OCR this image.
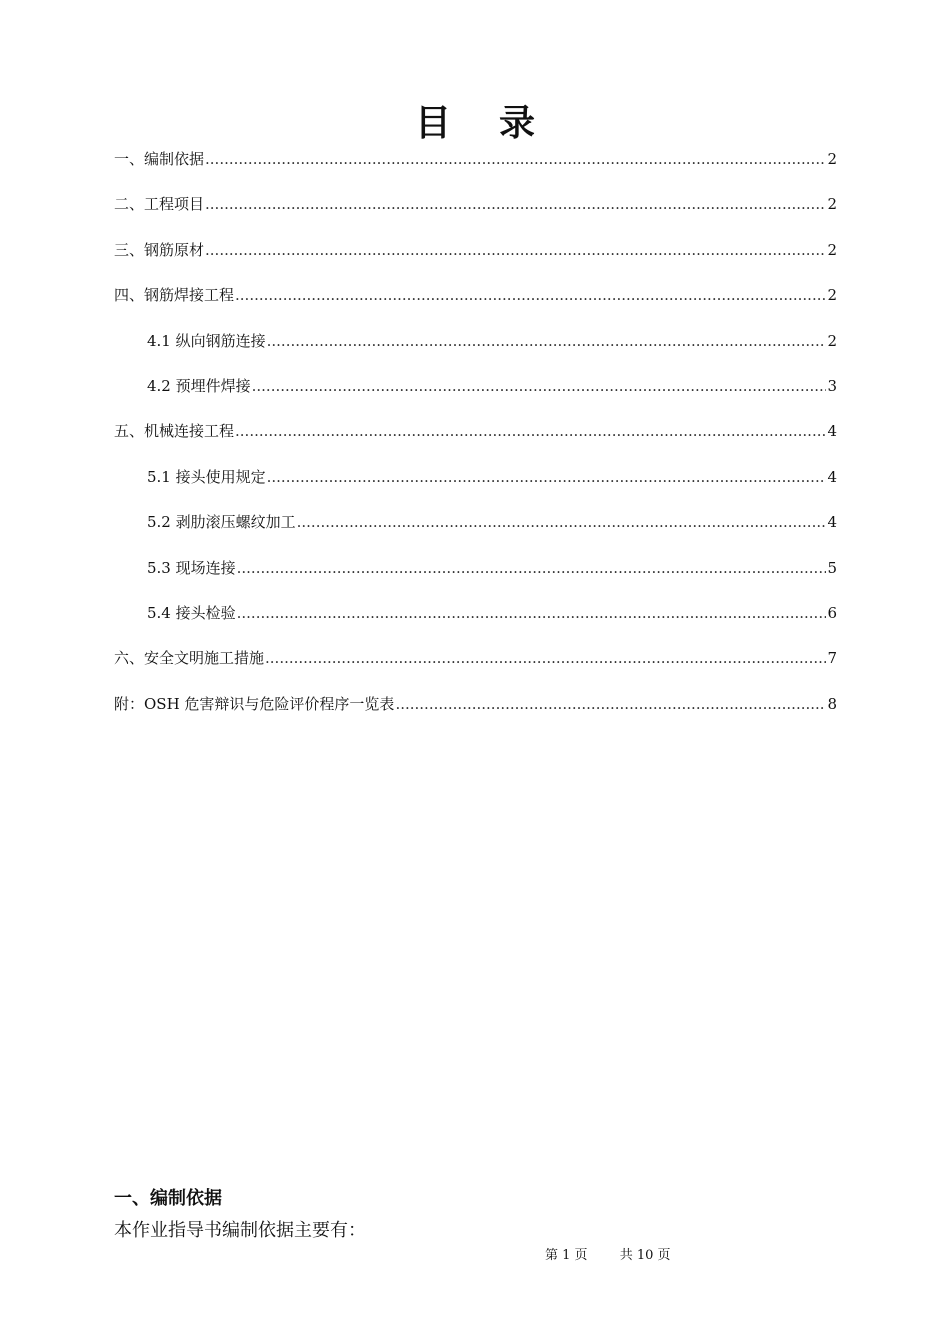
目录
一、编制依据 .....	2
二、工程项目 .....	2
三、钢筋原材 .....	2
四、钢筋焊接工程 .....	2
4.1 纵向钢筋连接 .....	2
4.2 预埋件焊接 .....	3
五、机械连接工程 .....	4
5.1 接头使用规定 .....	4
5.2 剥肋滚压螺纹加工 .....	4
5.3 现场连接 .....	5
5.4 接头检验 .....	6
六、安全文明施工措施 .....	7
附：OSH 危害辩识与危险评价程序一览表 .....	8
一、编制依据
本作业指导书编制依据主要有：
第 1 页 共 10 页
